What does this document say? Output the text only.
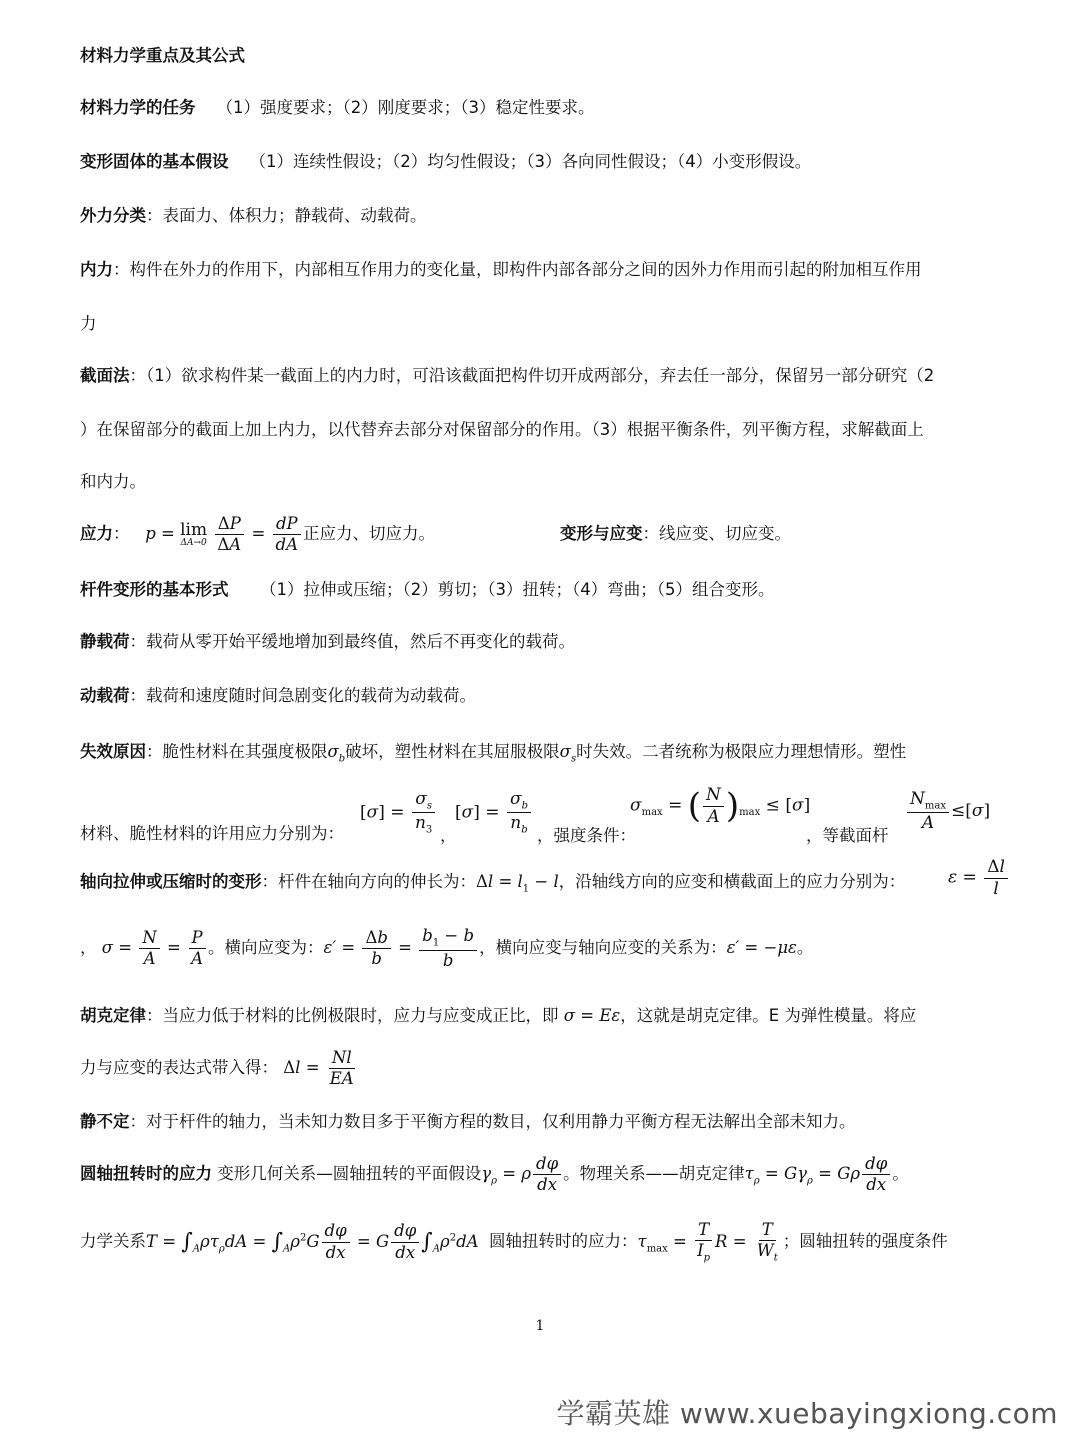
材料力学重点及其公式
材料力学的任务 （1）强度要求；（2）刚度要求；（3）稳定性要求。
变形固体的基本假设 （1）连续性假设；（2）均匀性假设；（3）各向同性假设；（4）小变形假设。
外力分类：表面力、体积力；静载荷、动载荷。
内力：构件在外力的作用下，内部相互作用力的变化量，即构件内部各部分之间的因外力作用而引起的附加相互作用
力
截面法：（1）欲求构件某一截面上的内力时，可沿该截面把构件切开成两部分，弃去任一部分，保留另一部分研究（2
）在保留部分的截面上加上内力，以代替弃去部分对保留部分的作用。（3）根据平衡条件，列平衡方程，求解截面上
和内力。
应力：   p = lim
ΔA→0
$\frac{\Delta P}{\Delta A} = \frac{dP}{dA}$ 正应力、切应力。	变形与应变：线应变、切应变。
杆件变形的基本形式 （1）拉伸或压缩；（2）剪切；（3）扭转；（4）弯曲；（5）组合变形。
静载荷：载荷从零开始平缓地增加到最终值，然后不再变化的载荷。
动载荷：载荷和速度随时间急剧变化的载荷为动载荷。
失效原因：脆性材料在其强度极限$\sigma_b$破坏，塑性材料在其屈服极限$\sigma_s$时失效。二者统称为极限应力理想情形。塑性
材料、脆性材料的许用应力分别为：
$[\sigma] = \frac{\sigma_s}{n_3}$ ，
$[\sigma] = \frac{\sigma_b}{n_b}$ ，强度条件：
$\sigma_{max}$ = ( $\frac{N}{A} )_{max} \le [\sigma]$
，等截面杆
$\frac{N_{max}}{A} \le[\sigma]$
轴向拉伸或压缩时的变形：杆件在轴向方向的伸长为：$\Delta l = l_1 - l$，沿轴线方向的应变和横截面上的应力分别为：	$\varepsilon = \frac{\Delta l}{l}$
， $\sigma = \frac{N}{A} = \frac{P}{A}$ 。横向应变为：$\varepsilon' = \frac{\Delta b}{b} = \frac{b_1 - b}{b}$ ，横向应变与轴向应变的关系为：ε′ = −με。
胡克定律：当应力低于材料的比例极限时，应力与应变成正比，即 σ = Eε，这就是胡克定律。E 为弹性模量。将应
力与应变的表达式带入得： $\Delta l = \frac{Nl}{EA}$
静不定：对于杆件的轴力，当未知力数目多于平衡方程的数目，仅利用静力平衡方程无法解出全部未知力。
圆轴扭转时的应力 变形几何关系—圆轴扭转的平面假设$\gamma_\rho = \rho \frac{d\varphi}{dx}$ 。物理关系——胡克定律$\tau_\rho = G\gamma_\rho = G\rho \frac{d\varphi}{dx}$ 。
力学关系$T = \int_A\rho\tau_\rho dA = \int_A\rho^2G \frac{d\varphi}{dx} = G \frac{d\varphi}{dx} \int_A\rho^2dA$ 圆轴扭转时的应力：$\tau_{max} = \frac{T}{I_p}$ $R = \frac{T}{W_t}$ ；圆轴扭转的强度条件
1
学霸英雄 www.xuebayingxiong.com
